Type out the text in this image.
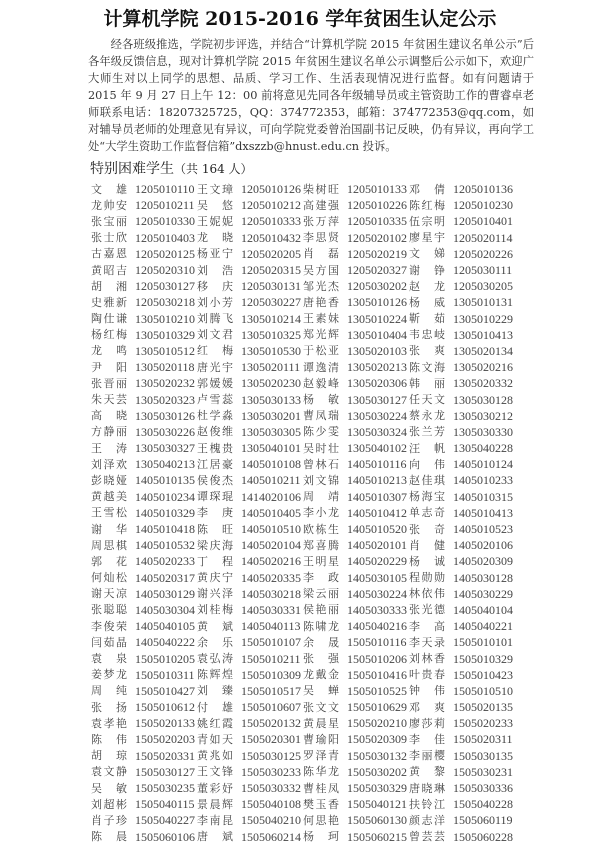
计算机学院 2015-2016 学年贫困生认定公示
经各班级推选，学院初步评选，并结合“计算机学院 2015 年贫困生建议名单公示”后各年级反馈信息，现对计算机学院 2015 年贫困生建议名单公示调整后公示如下，欢迎广大师生对以上同学的思想、品质、学习工作、生活表现情况进行监督。如有问题请于 2015 年 9 月 27 日上午 12：00 前将意见先同各年级辅导员或主管资助工作的曹睿卓老师联系电话：18207325725，QQ：374772353，邮箱：374772353@qq.com，如对辅导员老师的处理意见有异议，可向学院党委曾治国副书记反映，仍有异议，再向学工处“大学生资助工作监督信箱”dxszzb@hnust.edu.cn 投诉。
特别困难学生（共 164 人）
文雄 1205010110 王文璋 1205010126 柴树旺 1205010133 邓倩 1205010136
龙帅安 1205010211 吴悠 1205010212 高建强 1205010226 陈红梅 1205010230
张宝丽 1205010330 王妮妮 1205010333 张万萍 1205010335 伍宗明 1205010401
张士欣 1205010403 龙晓 1205010432 李思贤 1205020102 廖星宇 1205020114
古嘉恩 1205020125 杨亚宁 1205020205 肖磊 1205020219 文娣 1205020226
黄昭吉 1205020310 刘浩 1205020315 吴方国 1205020327 谢铮 1205030111
胡湘 1205030127 移庆 1205030131 邹光杰 1205030202 赵龙 1205030205
史雅新 1205030218 刘小芳 1205030227 唐艳香 1305010126 杨威 1305010131
陶仕谦 1305010210 刘腾飞 1305010214 王素妹 1305010224 靳茹 1305010229
杨红梅 1305010329 刘文君 1305010325 郑光辉 1305010404 韦忠岐 1305010413
龙鸣 1305010512 红梅 1305010530 于松亚 1305020103 张爽 1305020134
尹阳 1305020118 唐光宇 1305020111 谭逸清 1305020213 陈文海 1305020216
张晋丽 1305020232 郭媛媛 1305020230 赵毅峰 1305020306 韩丽 1305020332
朱天芸 1305020323 卢雪蕊 1305030133 杨敏 1305030127 任天文 1305030128
高晓 1305030126 杜学淼 1305030201 曹凤瑞 1305030224 蔡永龙 1305030212
方静丽 1305030226 赵俊维 1305030305 陈少雯 1305030324 张兰芳 1305030330
王涛 1305030327 王槐贵 1305040101 吴时壮 1305040102 汪帆 1305040228
刘泽欢 1305040213 江居豪 1405010108 曾林石 1405010116 向伟 1405010124
彭晓娅 1405010135 侯俊杰 1405010211 刘文锦 1405010213 赵佳琪 1405010233
黄越美 1405010234 谭琛琨 1414020106 周靖 1405010307 杨海宝 1405010315
王雪松 1405010329 李庚 1405010405 李小龙 1405010412 单志奇 1405010413
谢华 1405010418 陈旺 1405010510 欧栋生 1405010520 张奇 1405010523
周思棋 1405010532 梁庆海 1405020104 郑喜腾 1405020101 肖健 1405020106
郭花 1405020233 丁程 1405020216 王明星 1405020229 杨诚 1405020309
何灿松 1405020317 黄庆宁 1405020335 李政 1405030105 程勋勋 1405030128
谢天凉 1405030129 谢兴泽 1405030218 梁云丽 1405030224 林依伟 1405030229
张聪聪 1405030304 刘桂梅 1405030331 侯艳丽 1405030333 张光德 1405040104
李俊荣 1405040105 黄斌 1405040113 陈啸龙 1405040216 李高 1405040221
闫茹晶 1405040222 余乐 1505010107 余晟 1505010116 李天录 1505010101
袁泉 1505010205 袁弘涛 1505010211 张强 1505010206 刘林香 1505010329
姜梦龙 1505010311 陈辉煌 1505010309 龙戴金 1505010416 叶贵春 1505010423
周纯 1505010427 刘臻 1505010517 吴蝉 1505010525 钟伟 1505010510
张扬 1505010612 付雄 1505010607 张文文 1505010629 邓爽 1505020135
袁孝艳 1505020133 姚红霞 1505020132 黄晨星 1505020210 廖莎莉 1505020233
陈伟 1505020203 青如天 1505020301 曹瑜阳 1505020309 李佳 1505020311
胡琼 1505020331 黄兆如 1505030125 罗泽青 1505030132 李丽樱 1505030135
袁文静 1505030127 王文锋 1505030233 陈华龙 1505030202 黄黎 1505030231
吴敏 1505030235 董彩妤 1505030332 曹桂凤 1505030329 唐晓琳 1505030336
刘超彬 1505040115 景晨辉 1505040108 樊玉香 1505040121 扶铃江 1505040228
肖子珍 1505040227 李南昆 1505040210 何思艳 1505060130 颜志洋 1505060119
陈晨 1505060106 唐斌 1505060214 杨珂 1505060215 曾芸芸 1505060228
